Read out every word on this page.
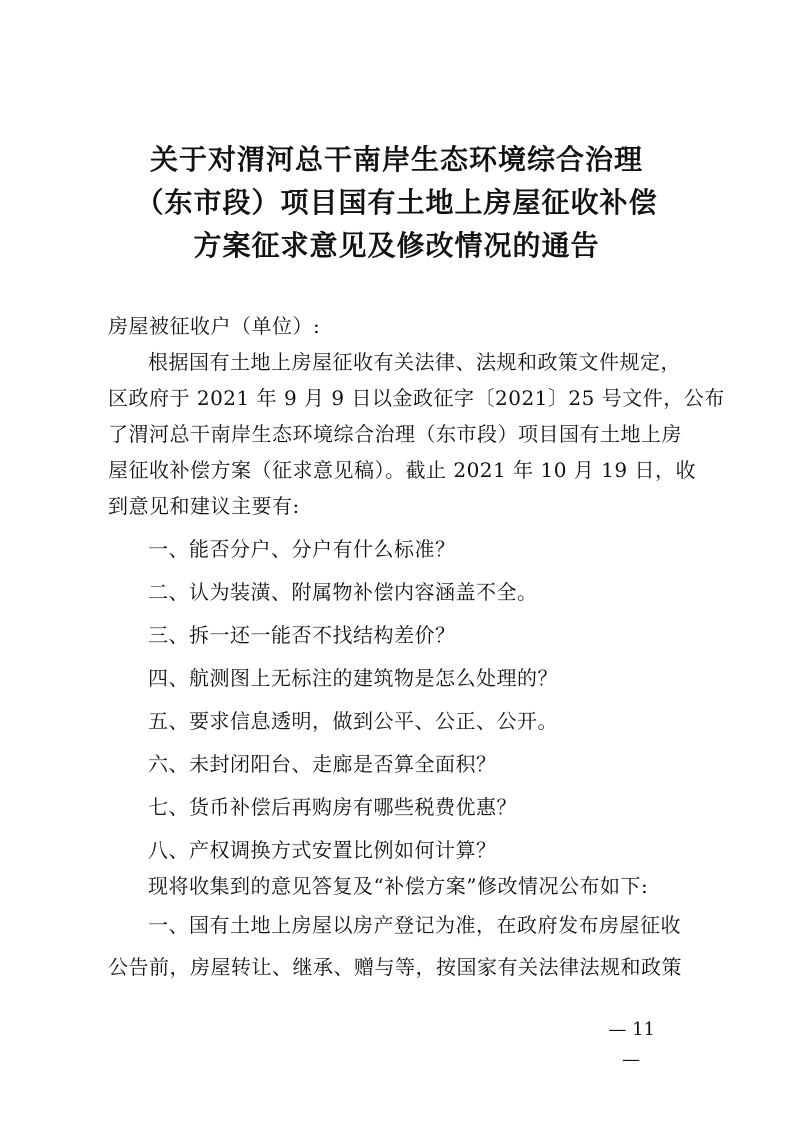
关于对渭河总干南岸生态环境综合治理
（东市段）项目国有土地上房屋征收补偿
方案征求意见及修改情况的通告
房屋被征收户（单位）:
根据国有土地上房屋征收有关法律、法规和政策文件规定，
区政府于 2021 年 9 月 9 日以金政征字〔2021〕25 号文件，公布
了渭河总干南岸生态环境综合治理（东市段）项目国有土地上房
屋征收补偿方案（征求意见稿）。截止 2021 年 10 月 19 日，收
到意见和建议主要有:
一、能否分户、分户有什么标准？
二、认为装潢、附属物补偿内容涵盖不全。
三、拆一还一能否不找结构差价？
四、航测图上无标注的建筑物是怎么处理的？
五、要求信息透明，做到公平、公正、公开。
六、未封闭阳台、走廊是否算全面积？
七、货币补偿后再购房有哪些税费优惠？
八、产权调换方式安置比例如何计算？
现将收集到的意见答复及“补偿方案”修改情况公布如下:
一、国有土地上房屋以房产登记为准，在政府发布房屋征收
公告前，房屋转让、继承、赠与等，按国家有关法律法规和政策
— 11
—
